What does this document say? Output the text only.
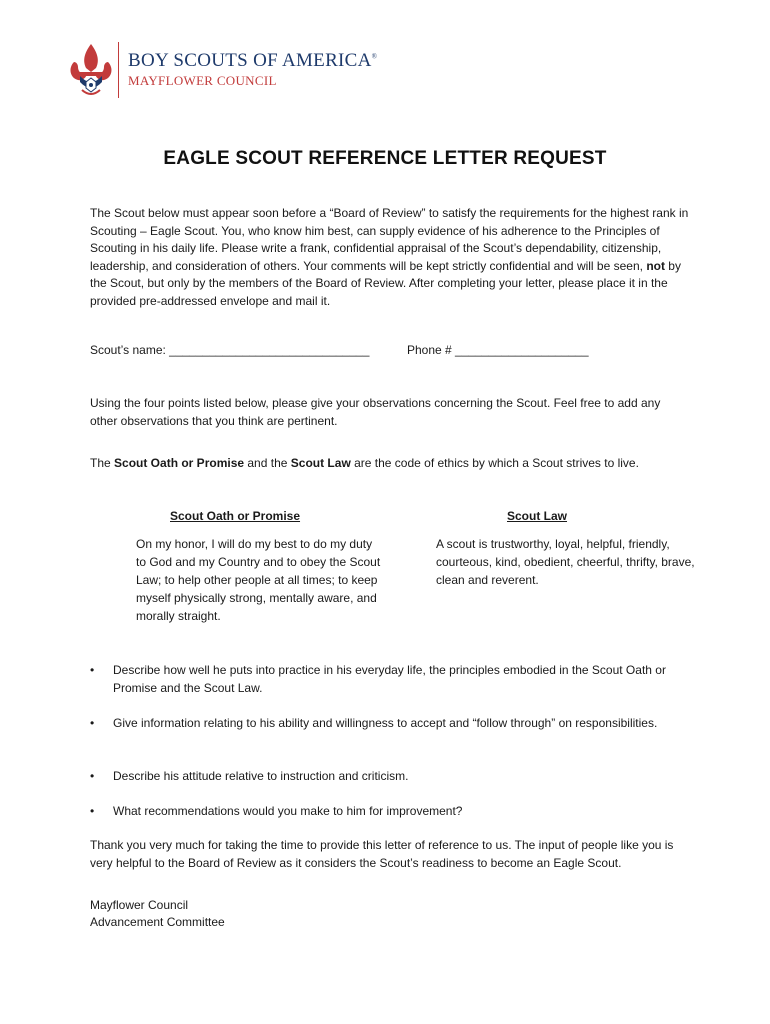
BOY SCOUTS OF AMERICA®
MAYFLOWER COUNCIL
EAGLE SCOUT REFERENCE LETTER REQUEST
The Scout below must appear soon before a “Board of Review” to satisfy the requirements for the highest rank in Scouting – Eagle Scout. You, who know him best, can supply evidence of his adherence to the Principles of Scouting in his daily life. Please write a frank, confidential appraisal of the Scout’s dependability, citizenship, leadership, and consideration of others. Your comments will be kept strictly confidential and will be seen, not by the Scout, but only by the members of the Board of Review. After completing your letter, please place it in the provided pre-addressed envelope and mail it.
Scout’s name: ______________________________	Phone # ____________________
Using the four points listed below, please give your observations concerning the Scout. Feel free to add any other observations that you think are pertinent.
The Scout Oath or Promise and the Scout Law are the code of ethics by which a Scout strives to live.
Scout Oath or Promise	Scout Law
On my honor, I will do my best to do my duty to God and my Country and to obey the Scout Law; to help other people at all times; to keep myself physically strong, mentally aware, and morally straight.
A scout is trustworthy, loyal, helpful, friendly, courteous, kind, obedient, cheerful, thrifty, brave, clean and reverent.
•	Describe how well he puts into practice in his everyday life, the principles embodied in the Scout Oath or Promise and the Scout Law.
•	Give information relating to his ability and willingness to accept and “follow through” on responsibilities.
•	Describe his attitude relative to instruction and criticism.
•	What recommendations would you make to him for improvement?
Thank you very much for taking the time to provide this letter of reference to us. The input of people like you is very helpful to the Board of Review as it considers the Scout’s readiness to become an Eagle Scout.
Mayflower Council
Advancement Committee
